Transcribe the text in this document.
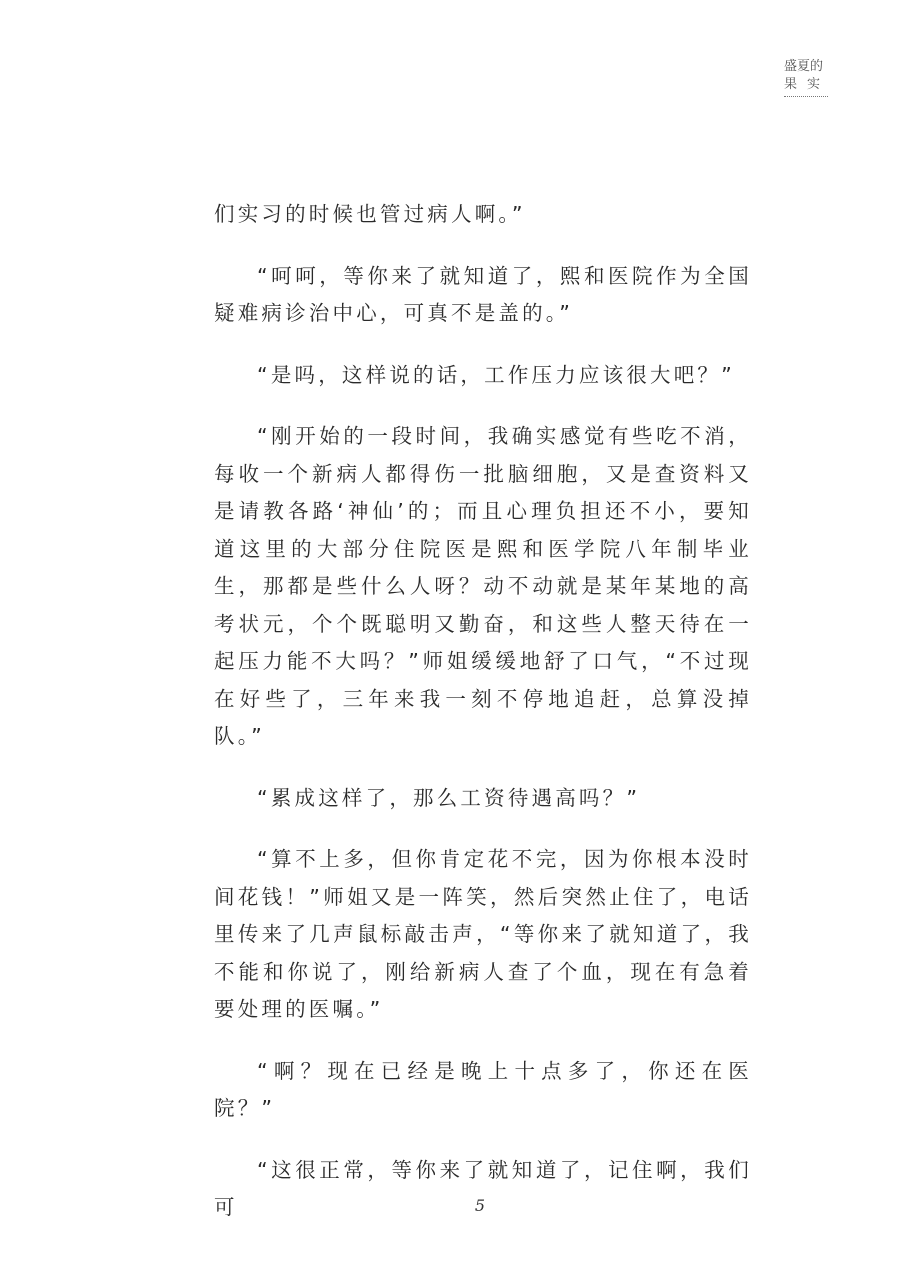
盛夏的
果实

们实习的时候也管过病人啊。”

“呵呵，等你来了就知道了，熙和医院作为全国疑难病诊治中心，可真不是盖的。”

“是吗，这样说的话，工作压力应该很大吧？”

“刚开始的一段时间，我确实感觉有些吃不消，每收一个新病人都得伤一批脑细胞，又是查资料又是请教各路‘神仙’的；而且心理负担还不小，要知道这里的大部分住院医是熙和医学院八年制毕业生，那都是些什么人呀？动不动就是某年某地的高考状元，个个既聪明又勤奋，和这些人整天待在一起压力能不大吗？”师姐缓缓地舒了口气，“不过现在好些了，三年来我一刻不停地追赶，总算没掉队。”

“累成这样了，那么工资待遇高吗？”

“算不上多，但你肯定花不完，因为你根本没时间花钱！”师姐又是一阵笑，然后突然止住了，电话里传来了几声鼠标敲击声，“等你来了就知道了，我不能和你说了，刚给新病人查了个血，现在有急着要处理的医嘱。”

“啊？现在已经是晚上十点多了，你还在医院？”

“这很正常，等你来了就知道了，记住啊，我们可	5
